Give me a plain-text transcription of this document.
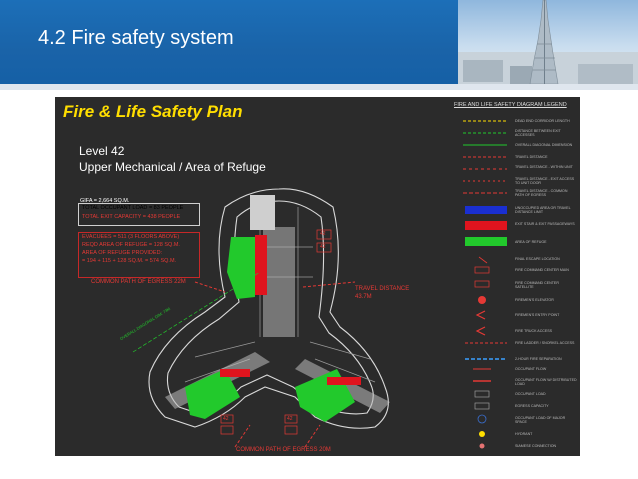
4.2 Fire safety system
Fire & Life Safety Plan
Level 42
Upper Mechanical / Area of Refuge
GIFA = 2,664 SQ.M.
TOTAL OCCUPANT LOAD = 83 PEOPLE
TOTAL EXIT CAPACITY = 438 PEOPLE
EVACUEES = 511 (3 FLOORS ABOVE)
REQD AREA OF REFUGE = 128 SQ.M.
AREA OF REFUGE PROVIDED:
= 194 + 115 + 128 SQ.M. = 574 SQ.M.
COMMON PATH OF EGRESS 22M
TRAVEL DISTANCE
43.7M
COMMON PATH OF EGRESS 20M
OVERALL DIAGONAL DIM: 73M
42
42
42	42
FIRE AND LIFE SAFETY DIAGRAM LEGEND
DEAD END CORRIDOR LENGTH
DISTANCE BETWEEN EXIT ACCESSES
OVERALL DIAGONAL DIMENSION
TRAVEL DISTANCE
TRAVEL DISTANCE - WITHIN UNIT
TRAVEL DISTANCE - EXIT ACCESS TO UNIT DOOR
TRAVEL DISTANCE - COMMON PATH OF EGRESS
UNOCCUPIED AREA OR TRAVEL DISTANCE LIMIT
EXIT STAIR & EXIT PASSAGEWAYS
AREA OF REFUGE
FINAL ESCAPE LOCATION
FIRE COMMAND CENTER MAIN
FIRE COMMAND CENTER SATELLITE
FIREMEN'S ELEVATOR
FIREMEN'S ENTRY POINT
FIRE TRUCK ACCESS
FIRE LADDER / SNORKEL ACCESS
2-HOUR FIRE SEPARATION
OCCUPANT FLOW
OCCUPANT FLOW W/ DISTRIBUTED LOAD
OCCUPANT LOAD
EGRESS CAPACITY
OCCUPANT LOAD OF MAJOR SPACE
HYDRANT
SIAMESE CONNECTION
